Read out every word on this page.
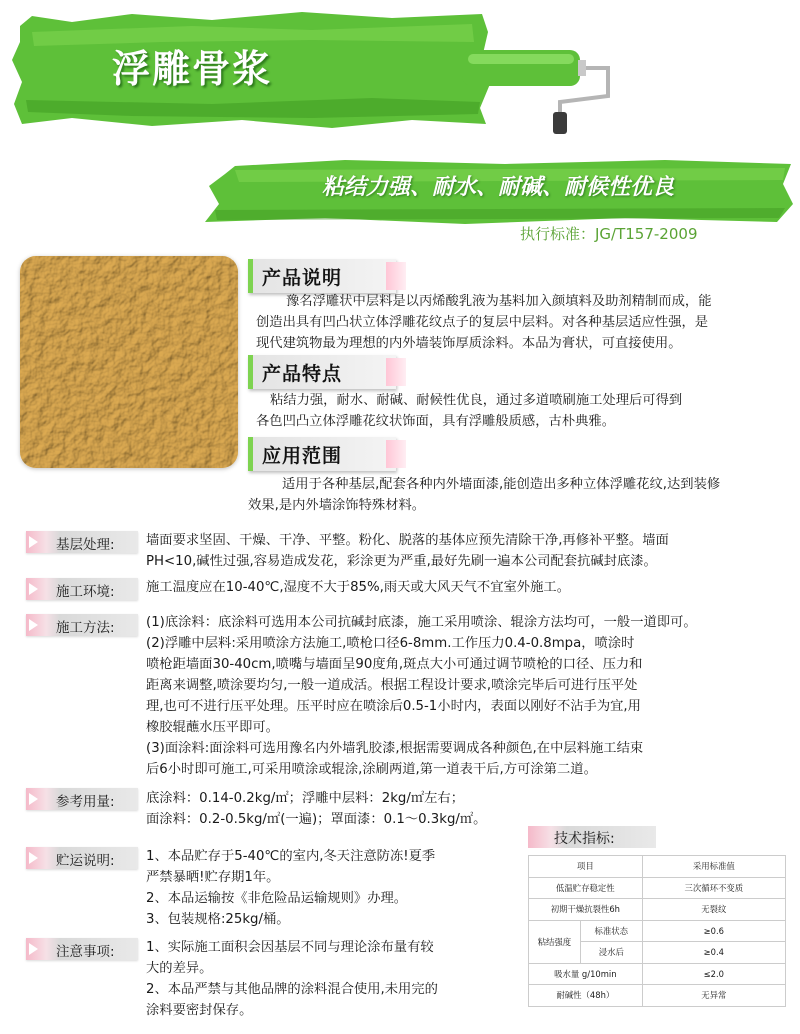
浮雕骨浆
粘结力强、耐水、耐碱、耐候性优良
执行标准：JG/T157-2009
产品说明
豫名浮雕状中层料是以丙烯酸乳液为基料加入颜填料及助剂精制而成，能
创造出具有凹凸状立体浮雕花纹点子的复层中层料。对各种基层适应性强，是
现代建筑物最为理想的内外墙装饰厚质涂料。本品为膏状，可直接使用。
产品特点
粘结力强，耐水、耐碱、耐候性优良，通过多道喷刷施工处理后可得到
各色凹凸立体浮雕花纹状饰面，具有浮雕般质感，古朴典雅。
应用范围
适用于各种基层,配套各种内外墙面漆,能创造出多种立体浮雕花纹,达到装修
效果,是内外墙涂饰特殊材料。
基层处理: 墙面要求坚固、干燥、干净、平整。粉化、脱落的基体应预先清除干净,再修补平整。墙面
PH<10,碱性过强,容易造成发花，彩涂更为严重,最好先刷一遍本公司配套抗碱封底漆。
施工环境: 施工温度应在10-40℃,湿度不大于85%,雨天或大风天气不宜室外施工。
施工方法: (1)底涂料：底涂料可选用本公司抗碱封底漆，施工采用喷涂、辊涂方法均可，一般一道即可。
(2)浮雕中层料:采用喷涂方法施工,喷枪口径6-8mm.工作压力0.4-0.8mpa，喷涂时
喷枪距墙面30-40cm,喷嘴与墙面呈90度角,斑点大小可通过调节喷枪的口径、压力和
距离来调整,喷涂要均匀,一般一道成活。根据工程设计要求,喷涂完毕后可进行压平处
理,也可不进行压平处理。压平时应在喷涂后0.5-1小时内，表面以刚好不沾手为宜,用
橡胶辊蘸水压平即可。
(3)面涂料:面涂料可选用豫名内外墙乳胶漆,根据需要调成各种颜色,在中层料施工结束
后6小时即可施工,可采用喷涂或辊涂,涂刷两道,第一道表干后,方可涂第二道。
参考用量: 底涂料：0.14-0.2kg/㎡；浮雕中层料：2kg/㎡左右；
面涂料：0.2-0.5kg/㎡(一遍)；罩面漆：0.1～0.3kg/㎡。
贮运说明: 1、本品贮存于5-40℃的室内,冬天注意防冻!夏季
严禁暴晒!贮存期1年。
2、本品运输按《非危险品运输规则》办理。
3、包装规格:25kg/桶。
注意事项: 1、实际施工面积会因基层不同与理论涂布量有较
大的差异。
2、本品严禁与其他品牌的涂料混合使用,未用完的
涂料要密封保存。
技术指标:
项目		采用标准值
低温贮存稳定性		三次循环不变质
初期干燥抗裂性6h		无裂纹
粘结强度	标准状态	≥0.6
	浸水后	≥0.4
吸水量 g/10min		≤2.0
耐碱性（48h）		无异常
